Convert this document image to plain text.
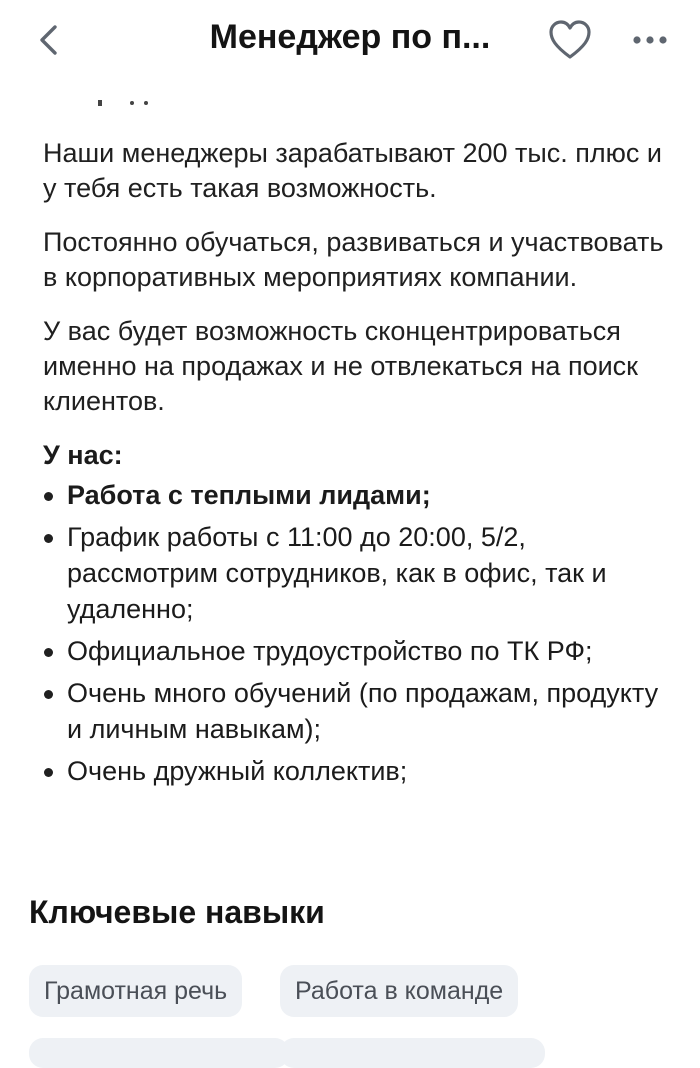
Менеджер по п...

Наши менеджеры зарабатывают 200 тыс. плюс и у тебя есть такая возможность.

Постоянно обучаться, развиваться и участвовать в корпоративных мероприятиях компании.

У вас будет возможность сконцентрироваться именно на продажах и не отвлекаться на поиск клиентов.

У нас:

Работа с теплыми лидами;
График работы с 11:00 до 20:00, 5/2, рассмотрим сотрудников, как в офис, так и удаленно;
Официальное трудоустройство по ТК РФ;
Очень много обучений (по продажам, продукту и личным навыкам);
Очень дружный коллектив;
Ключевые навыки
Грамотная речь	Работа в команде
